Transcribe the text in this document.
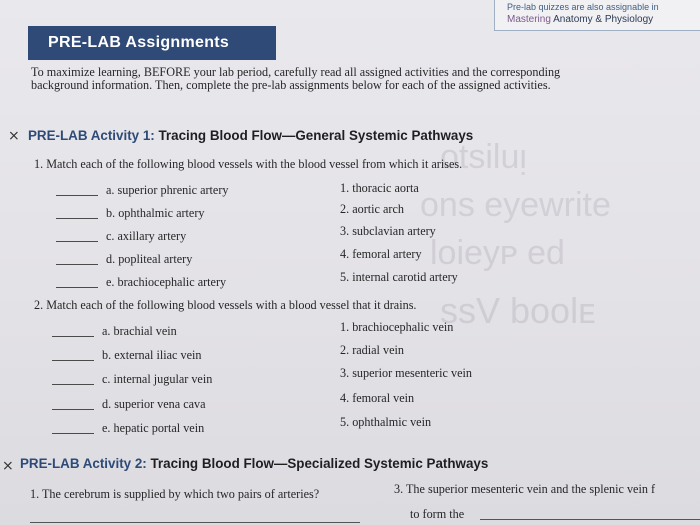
otsiluᴉ
ons eyewrite
loieyᴩ ed
ssV boolᴇ
Pre-lab quizzes are also assignable in
Mastering Anatomy & Physiology
PRE-LAB Assignments
To maximize learning, BEFORE your lab period, carefully read all assigned activities and the corresponding background information. Then, complete the pre-lab assignments below for each of the assigned activities.
⨯ PRE-LAB Activity 1: Tracing Blood Flow—General Systemic Pathways
1. Match each of the following blood vessels with the blood vessel from which it arises.
a. superior phrenic artery	1. thoracic aorta
b. ophthalmic artery	2. aortic arch
c. axillary artery	3. subclavian artery
d. popliteal artery	4. femoral artery
e. brachiocephalic artery	5. internal carotid artery
2. Match each of the following blood vessels with a blood vessel that it drains.
a. brachial vein	1. brachiocephalic vein
b. external iliac vein	2. radial vein
c. internal jugular vein	3. superior mesenteric vein
d. superior vena cava	4. femoral vein
e. hepatic portal vein	5. ophthalmic vein
⨯ PRE-LAB Activity 2: Tracing Blood Flow—Specialized Systemic Pathways
1. The cerebrum is supplied by which two pairs of arteries?	3. The superior mesenteric vein and the splenic vein f
to form the
